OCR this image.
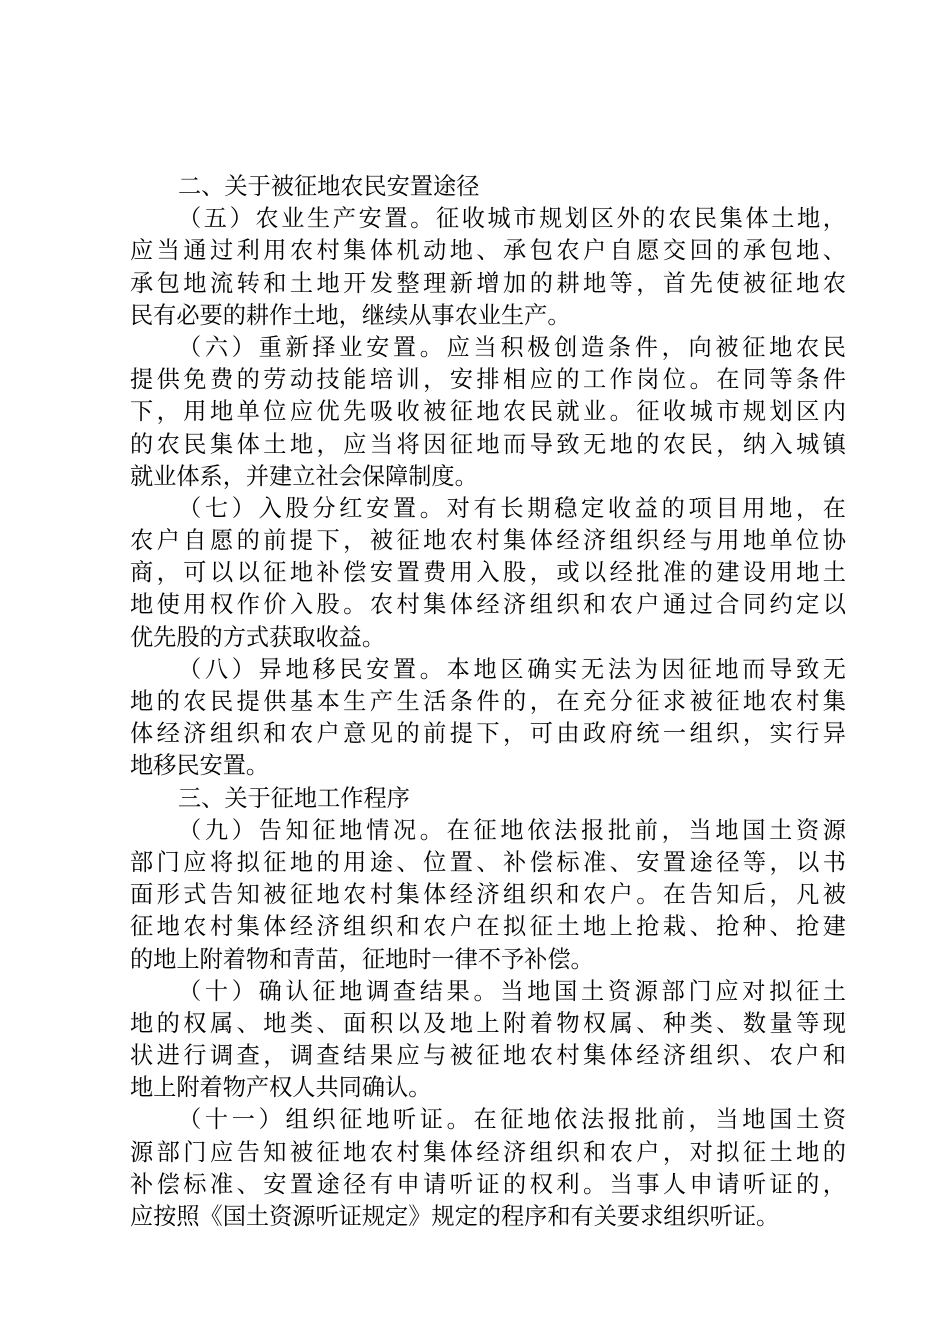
二、关于被征地农民安置途径
（五）农业生产安置。征收城市规划区外的农民集体土地，
应当通过利用农村集体机动地、承包农户自愿交回的承包地、
承包地流转和土地开发整理新增加的耕地等，首先使被征地农
民有必要的耕作土地，继续从事农业生产。
（六）重新择业安置。应当积极创造条件，向被征地农民
提供免费的劳动技能培训，安排相应的工作岗位。在同等条件
下，用地单位应优先吸收被征地农民就业。征收城市规划区内
的农民集体土地，应当将因征地而导致无地的农民，纳入城镇
就业体系，并建立社会保障制度。
（七）入股分红安置。对有长期稳定收益的项目用地，在
农户自愿的前提下，被征地农村集体经济组织经与用地单位协
商，可以以征地补偿安置费用入股，或以经批准的建设用地土
地使用权作价入股。农村集体经济组织和农户通过合同约定以
优先股的方式获取收益。
（八）异地移民安置。本地区确实无法为因征地而导致无
地的农民提供基本生产生活条件的，在充分征求被征地农村集
体经济组织和农户意见的前提下，可由政府统一组织，实行异
地移民安置。
三、关于征地工作程序
（九）告知征地情况。在征地依法报批前，当地国土资源
部门应将拟征地的用途、位置、补偿标准、安置途径等，以书
面形式告知被征地农村集体经济组织和农户。在告知后，凡被
征地农村集体经济组织和农户在拟征土地上抢栽、抢种、抢建
的地上附着物和青苗，征地时一律不予补偿。
（十）确认征地调查结果。当地国土资源部门应对拟征土
地的权属、地类、面积以及地上附着物权属、种类、数量等现
状进行调查，调查结果应与被征地农村集体经济组织、农户和
地上附着物产权人共同确认。
（十一）组织征地听证。在征地依法报批前，当地国土资
源部门应告知被征地农村集体经济组织和农户，对拟征土地的
补偿标准、安置途径有申请听证的权利。当事人申请听证的，
应按照《国土资源听证规定》规定的程序和有关要求组织听证。
